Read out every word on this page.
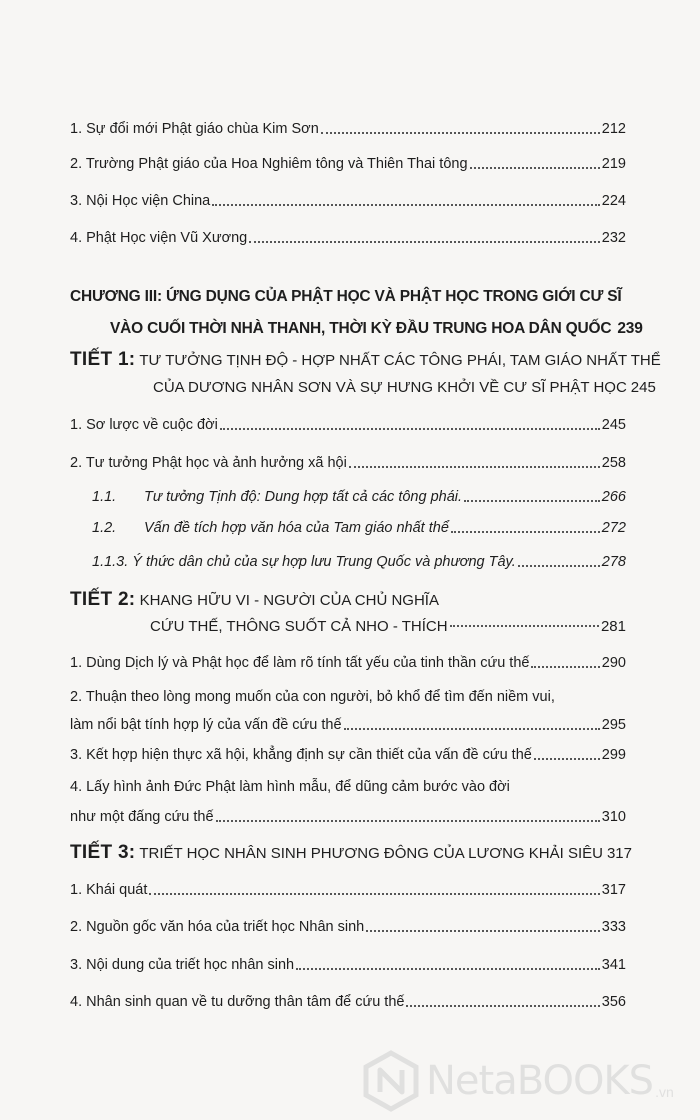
1. Sự đổi mới Phật giáo chùa Kim Sơn	212
2. Trường Phật giáo của Hoa Nghiêm tông và Thiên Thai tông	219
3. Nội Học viện China	224
4. Phật Học viện Vũ Xương	232
CHƯƠNG III: ỨNG DỤNG CỦA PHẬT HỌC VÀ PHẬT HỌC TRONG GIỚI CƯ SĨ
VÀO CUỐI THỜI NHÀ THANH, THỜI KỲ ĐẦU TRUNG HOA DÂN QUỐC 239
TIẾT 1: TƯ TƯỞNG TỊNH ĐỘ - HỢP NHẤT CÁC TÔNG PHÁI, TAM GIÁO NHẤT THỂ
CỦA DƯƠNG NHÂN SƠN VÀ SỰ HƯNG KHỞI VỀ CƯ SĨ PHẬT HỌC 245
1. Sơ lược về cuộc đời	245
2. Tư tưởng Phật học và ảnh hưởng xã hội	258
1.1. Tư tưởng Tịnh độ: Dung hợp tất cả các tông phái.	266
1.2. Vấn đề tích hợp văn hóa của Tam giáo nhất thể	272
1.1.3. Ý thức dân chủ của sự hợp lưu Trung Quốc và phương Tây.	278
TIẾT 2: KHANG HỮU VI - NGƯỜI CỦA CHỦ NGHĨA
CỨU THẾ, THÔNG SUỐT CẢ NHO - THÍCH	281
1. Dùng Dịch lý và Phật học để làm rõ tính tất yếu của tinh thần cứu thế	290
2. Thuận theo lòng mong muốn của con người, bỏ khổ để tìm đến niềm vui,
làm nổi bật tính hợp lý của vấn đề cứu thế	295
3. Kết hợp hiện thực xã hội, khẳng định sự cần thiết của vấn đề cứu thế	299
4. Lấy hình ảnh Đức Phật làm hình mẫu, để dũng cảm bước vào đời
như một đấng cứu thế	310
TIẾT 3: TRIẾT HỌC NHÂN SINH PHƯƠNG ĐÔNG CỦA LƯƠNG KHẢI SIÊU 317
1. Khái quát	317
2. Nguồn gốc văn hóa của triết học Nhân sinh	333
3. Nội dung của triết học nhân sinh	341
4. Nhân sinh quan về tu dưỡng thân tâm để cứu thế	356
NetaBOOKS .vn
